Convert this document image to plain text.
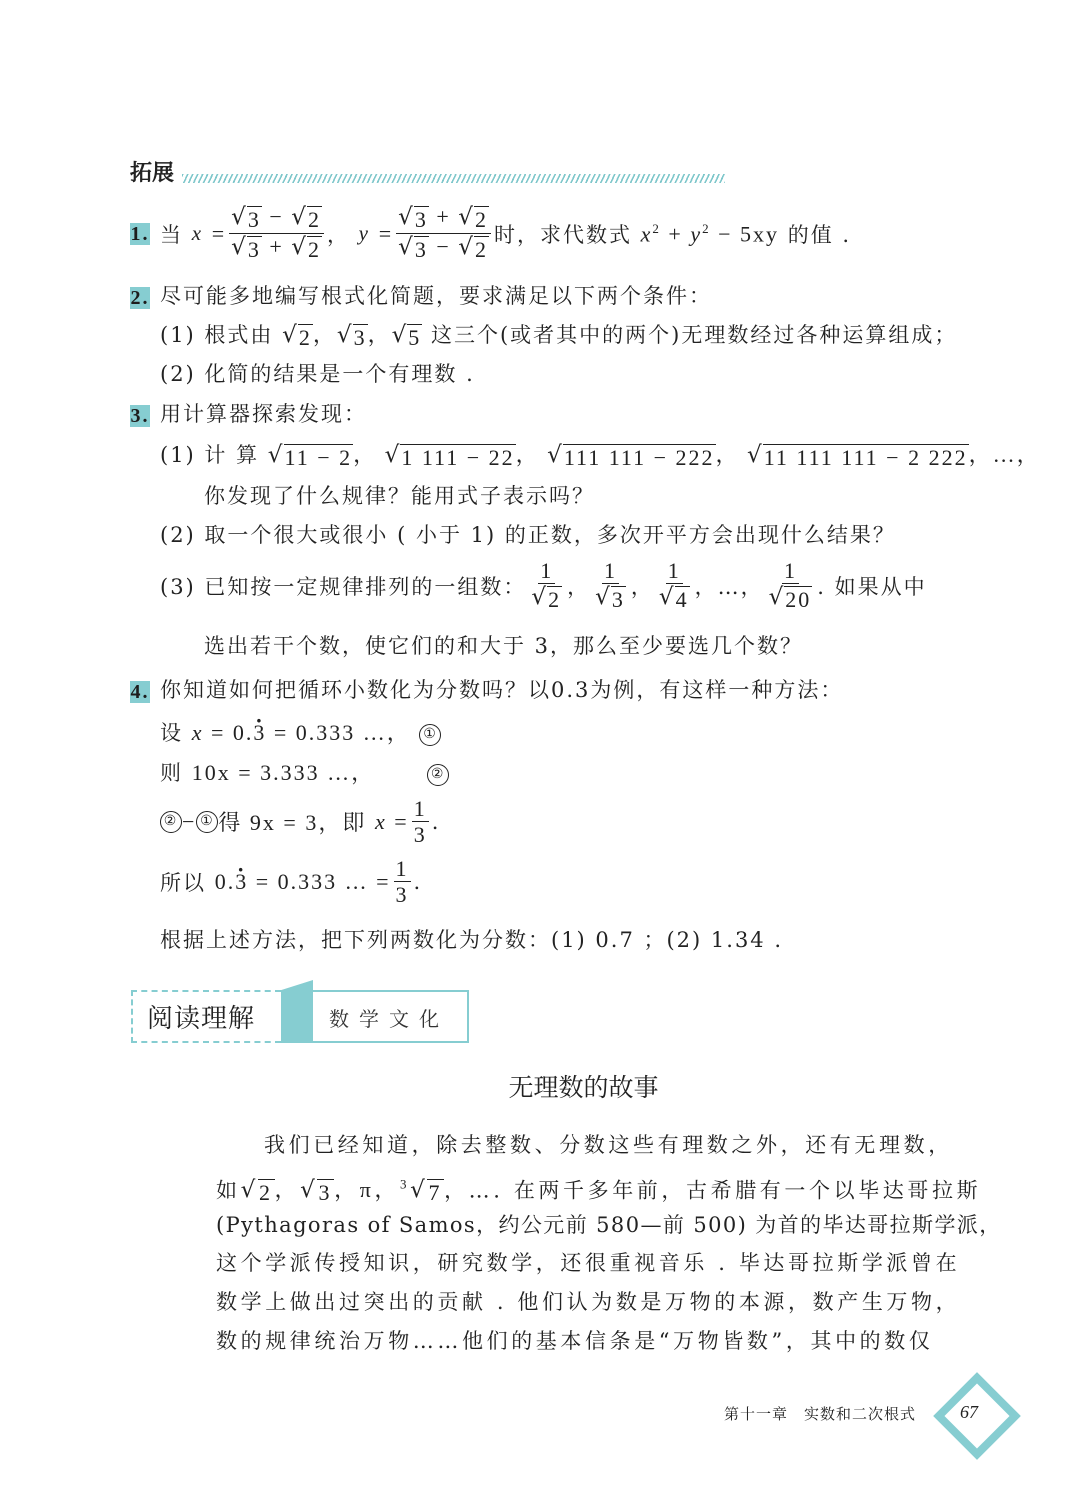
拓展
1. 当
x
= $\frac{√ 3 - √ 2}{√ 3 + √ 2}$ ，
y
= $\frac{√ 3 + √ 2}{√ 3 - √ 2}$ 时，求代数式
$x^2 + y^2 - 5xy$
的值 .
2. 尽可能多地编写根式化简题，要求满足以下两个条件：
(1) 根式由 √ 2 ， √ 3 ， √ 5 这三个(或者其中的两个)无理数经过各种运算组成；
(2) 化简的结果是一个有理数 .
3. 用计算器探索发现：
(1) 计 算 √ 11 − 2 ， √ 1 111 − 22 ， √ 111 111 − 222 ， √ 11 111 111 − 2 222 ，…，
你发现了什么规律？能用式子表示吗？
(2) 取一个很大或很小 ( 小于 1) 的正数，多次开平方会出现什么结果？
(3) 已知按一定规律排列的一组数： $\frac{1}{√ 2}$ ， $\frac{1}{√ 3}$ ， $\frac{1}{√ 4}$ ，…， $\frac{1}{√ 20}$ . 如果从中
选出若干个数，使它们的和大于 3，那么至少要选几个数？
4. 你知道如何把循环小数化为分数吗？以0.3为例，有这样一种方法：
设 x = 0.· 3 = 0.333 …， ①
则 10x = 3.333 …，	②
② − ① 得 9x = 3，即
$x = \frac{1}{3}$ .
所以
0.· 3 = 0.333 … = $\frac{1}{3}$ .
根据上述方法，把下列两数化为分数：(1) 0.7 ；(2) 1.34 .
阅读理解	数学文化
无理数的故事
我们已经知道，除去整数、分数这些有理数之外，还有无理数，
如 √ 2 ， √ 3 ，π，$^3$ √ 7 ，…. 在两千多年前，古希腊有一个以毕达哥拉斯
(Pythagoras of Samos，约公元前 580—前 500) 为首的毕达哥拉斯学派，
这个学派传授知识，研究数学，还很重视音乐 . 毕达哥拉斯学派曾在
数学上做出过突出的贡献 . 他们认为数是万物的本源，数产生万物，
数的规律统治万物……他们的基本信条是“万物皆数”，其中的数仅
第十一章　实数和二次根式 67
